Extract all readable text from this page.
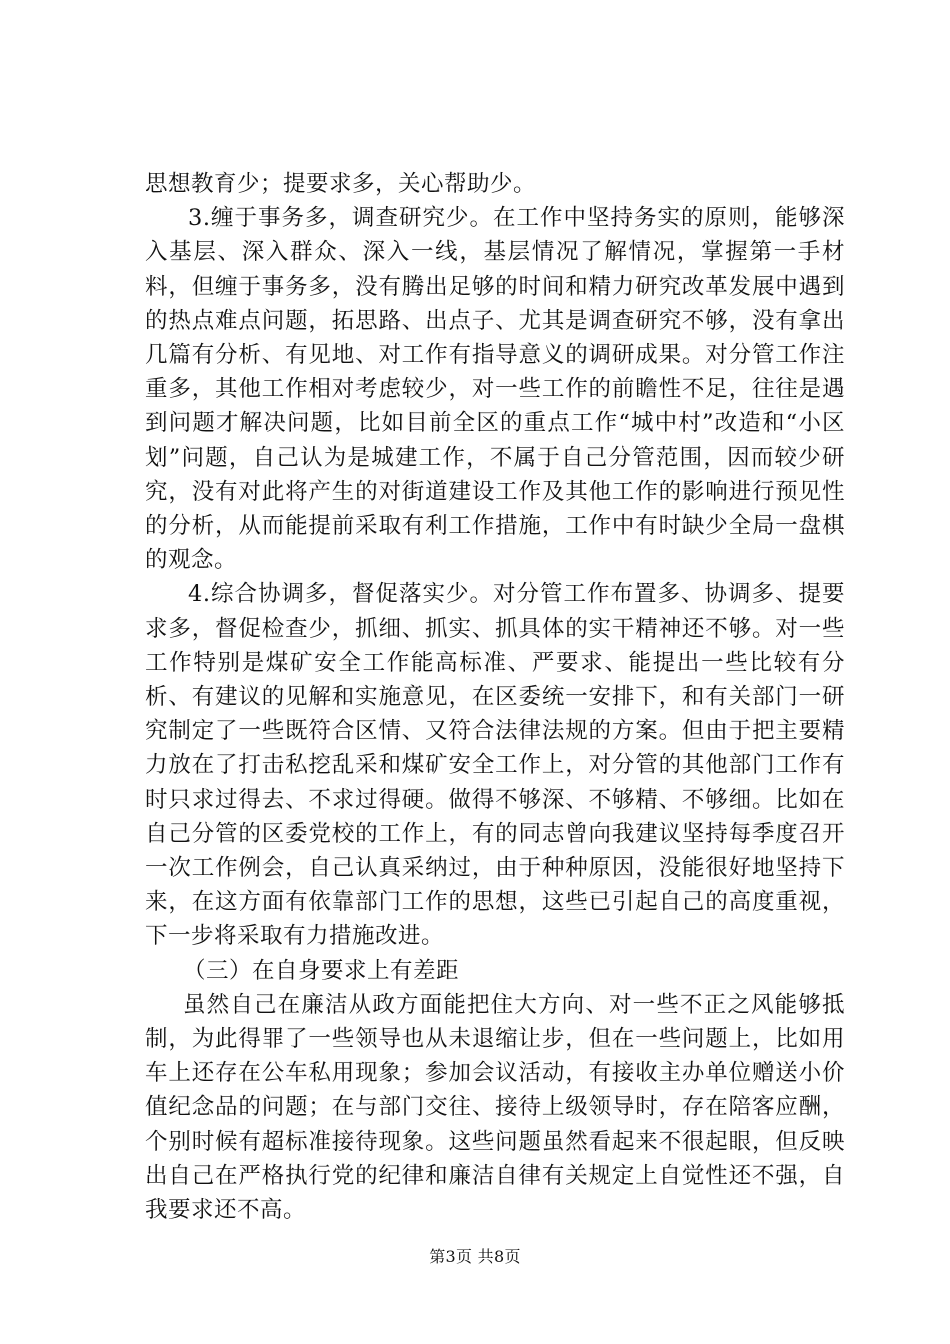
思想教育少；提要求多，关心帮助少。

3.缠于事务多，调查研究少。在工作中坚持务实的原则，能够深入基层、深入群众、深入一线，基层情况了解情况，掌握第一手材料，但缠于事务多，没有腾出足够的时间和精力研究改革发展中遇到的热点难点问题，拓思路、出点子、尤其是调查研究不够，没有拿出几篇有分析、有见地、对工作有指导意义的调研成果。对分管工作注重多，其他工作相对考虑较少，对一些工作的前瞻性不足，往往是遇到问题才解决问题，比如目前全区的重点工作“城中村”改造和“小区划”问题，自己认为是城建工作，不属于自己分管范围，因而较少研究，没有对此将产生的对街道建设工作及其他工作的影响进行预见性的分析，从而能提前采取有利工作措施，工作中有时缺少全局一盘棋的观念。

4.综合协调多，督促落实少。对分管工作布置多、协调多、提要求多，督促检查少，抓细、抓实、抓具体的实干精神还不够。对一些工作特别是煤矿安全工作能高标准、严要求、能提出一些比较有分析、有建议的见解和实施意见，在区委统一安排下，和有关部门一研究制定了一些既符合区情、又符合法律法规的方案。但由于把主要精力放在了打击私挖乱采和煤矿安全工作上，对分管的其他部门工作有时只求过得去、不求过得硬。做得不够深、不够精、不够细。比如在自己分管的区委党校的工作上，有的同志曾向我建议坚持每季度召开一次工作例会，自己认真采纳过，由于种种原因，没能很好地坚持下来，在这方面有依靠部门工作的思想，这些已引起自己的高度重视，下一步将采取有力措施改进。

（三）在自身要求上有差距

虽然自己在廉洁从政方面能把住大方向、对一些不正之风能够抵制，为此得罪了一些领导也从未退缩让步，但在一些问题上，比如用车上还存在公车私用现象；参加会议活动，有接收主办单位赠送小价值纪念品的问题；在与部门交往、接待上级领导时，存在陪客应酬，个别时候有超标准接待现象。这些问题虽然看起来不很起眼，但反映出自己在严格执行党的纪律和廉洁自律有关规定上自觉性还不强，自我要求还不高。

第3页 共8页
